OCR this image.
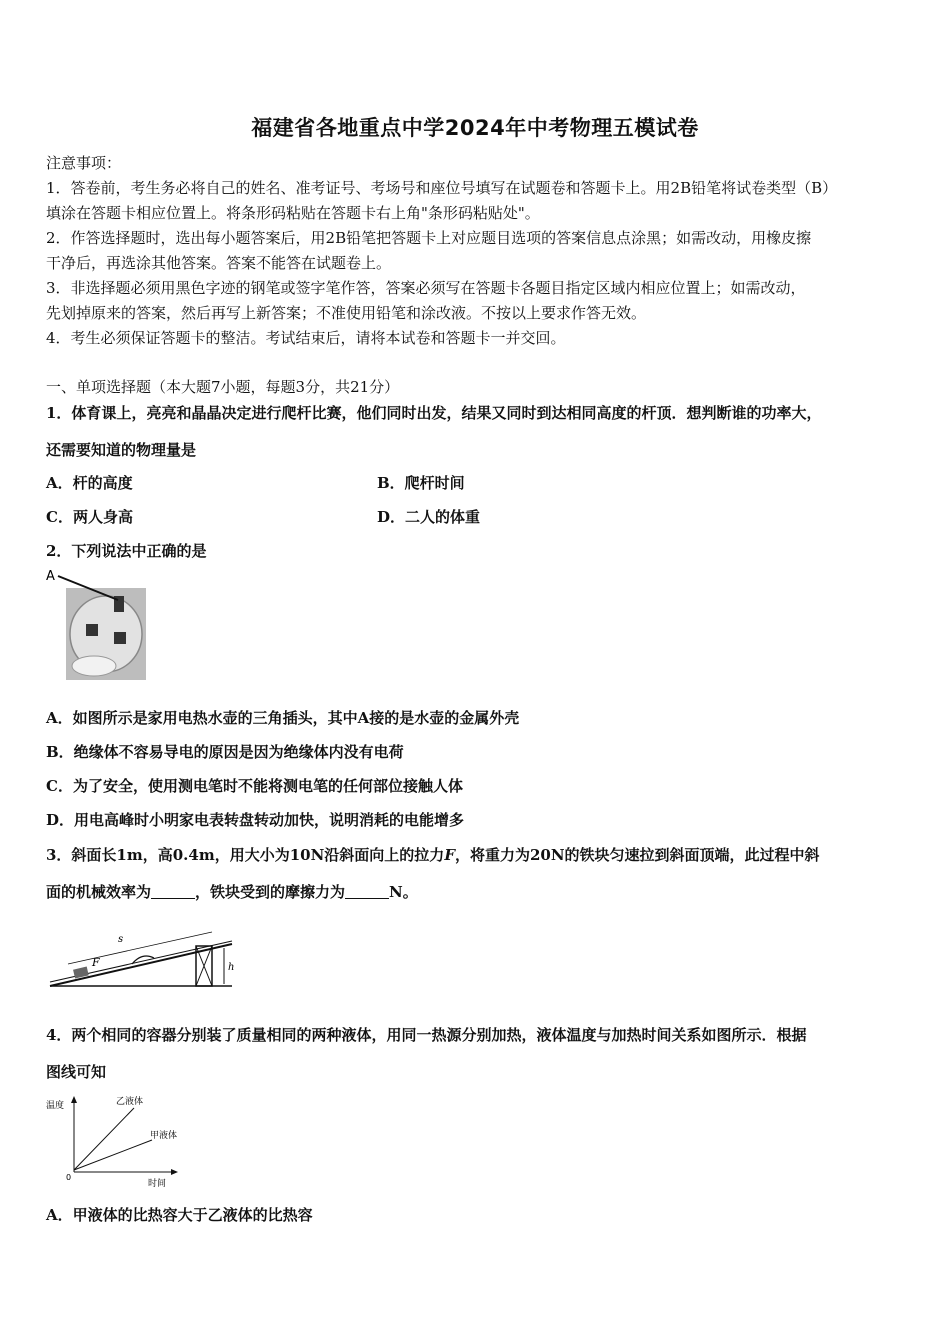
福建省各地重点中学2024年中考物理五模试卷
注意事项：
1．答卷前，考生务必将自己的姓名、准考证号、考场号和座位号填写在试题卷和答题卡上。用2B铅笔将试卷类型（B）
填涂在答题卡相应位置上。将条形码粘贴在答题卡右上角"条形码粘贴处"。
2．作答选择题时，选出每小题答案后，用2B铅笔把答题卡上对应题目选项的答案信息点涂黑；如需改动，用橡皮擦
干净后，再选涂其他答案。答案不能答在试题卷上。
3．非选择题必须用黑色字迹的钢笔或签字笔作答，答案必须写在答题卡各题目指定区域内相应位置上；如需改动，
先划掉原来的答案，然后再写上新答案；不准使用铅笔和涂改液。不按以上要求作答无效。
4．考生必须保证答题卡的整洁。考试结束后，请将本试卷和答题卡一并交回。
一、单项选择题（本大题7小题，每题3分，共21分）
1．体育课上，亮亮和晶晶决定进行爬杆比赛，他们同时出发，结果又同时到达相同高度的杆顶．想判断谁的功率大，
还需要知道的物理量是
A．杆的高度	B．爬杆时间
C．两人身高	D．二人的体重
2．下列说法中正确的是
A
A．如图所示是家用电热水壶的三角插头，其中A接的是水壶的金属外壳
B．绝缘体不容易导电的原因是因为绝缘体内没有电荷
C．为了安全，使用测电笔时不能将测电笔的任何部位接触人体
D．用电高峰时小明家电表转盘转动加快，说明消耗的电能增多
3．斜面长1m，高0.4m，用大小为10N沿斜面向上的拉力F，将重力为20N的铁块匀速拉到斜面顶端，此过程中斜
面的机械效率为	，铁块受到的摩擦力为	N。
s
F	h
4．两个相同的容器分别装了质量相同的两种液体，用同一热源分别加热，液体温度与加热时间关系如图所示．根据
图线可知
温度
时间
0
乙液体
甲液体
A．甲液体的比热容大于乙液体的比热容
